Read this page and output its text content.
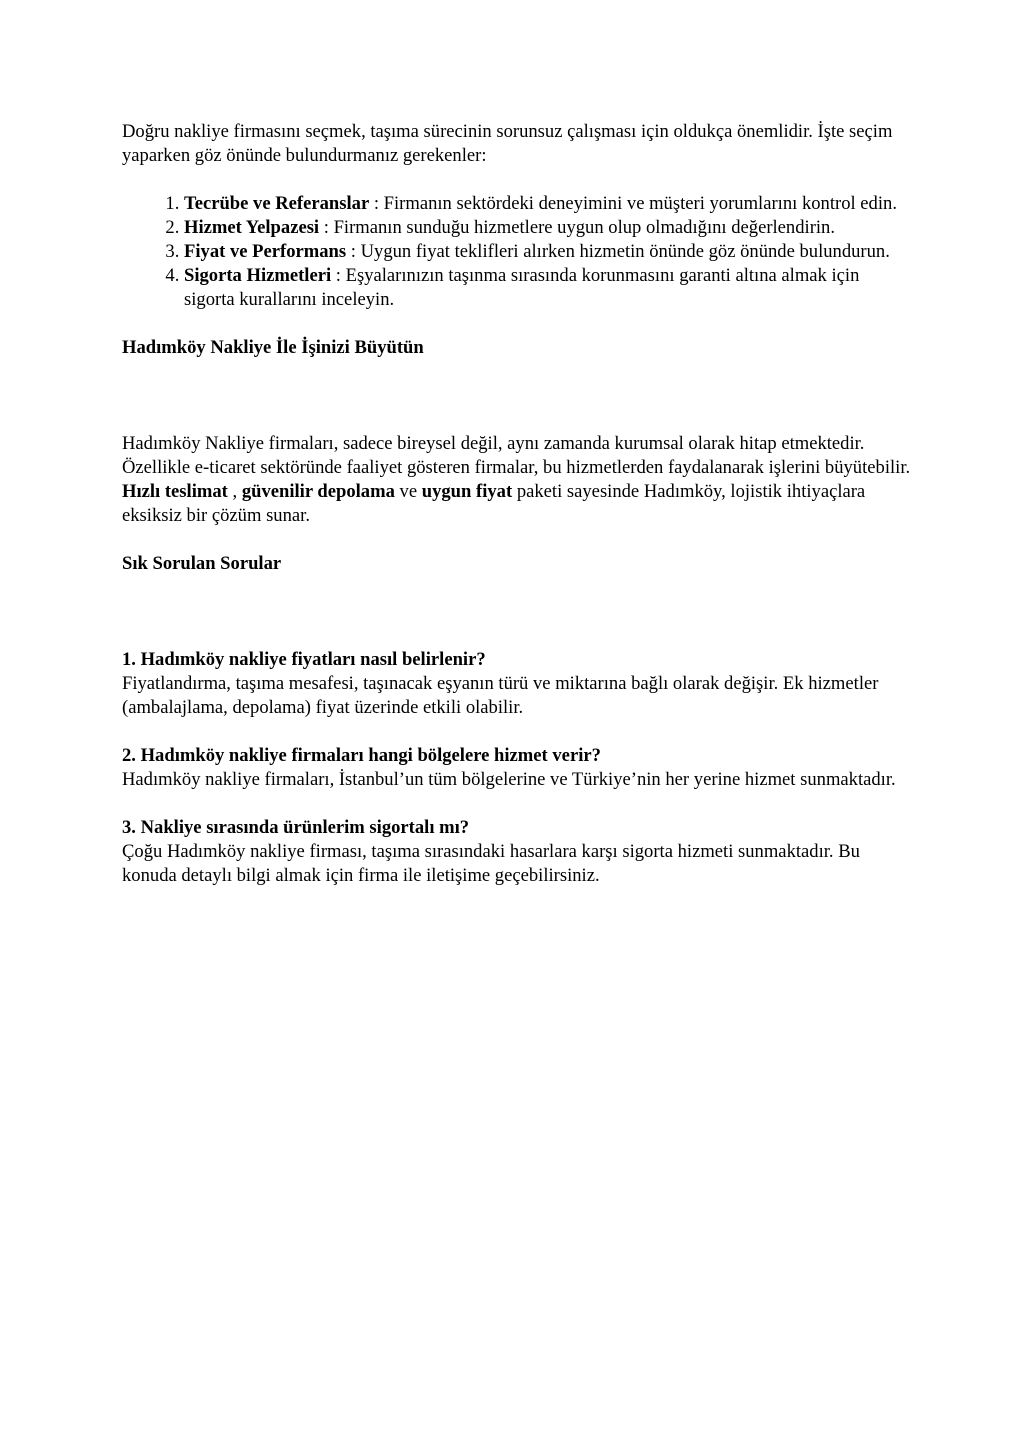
Doğru nakliye firmasını seçmek, taşıma sürecinin sorunsuz çalışması için oldukça önemlidir. İşte seçim yaparken göz önünde bulundurmanız gerekenler:

1. Tecrübe ve Referanslar : Firmanın sektördeki deneyimini ve müşteri yorumlarını kontrol edin.
2. Hizmet Yelpazesi : Firmanın sunduğu hizmetlere uygun olup olmadığını değerlendirin.
3. Fiyat ve Performans : Uygun fiyat teklifleri alırken hizmetin önünde göz önünde bulundurun.
4. Sigorta Hizmetleri : Eşyalarınızın taşınma sırasında korunmasını garanti altına almak için sigorta kurallarını inceleyin.

Hadımköy Nakliye İle İşinizi Büyütün

Hadımköy Nakliye firmaları, sadece bireysel değil, aynı zamanda kurumsal olarak hitap etmektedir. Özellikle e-ticaret sektöründe faaliyet gösteren firmalar, bu hizmetlerden faydalanarak işlerini büyütebilir. Hızlı teslimat , güvenilir depolama ve uygun fiyat paketi sayesinde Hadımköy, lojistik ihtiyaçlara eksiksiz bir çözüm sunar.

Sık Sorulan Sorular

1. Hadımköy nakliye fiyatları nasıl belirlenir?

Fiyatlandırma, taşıma mesafesi, taşınacak eşyanın türü ve miktarına bağlı olarak değişir. Ek hizmetler (ambalajlama, depolama) fiyat üzerinde etkili olabilir.

2. Hadımköy nakliye firmaları hangi bölgelere hizmet verir?

Hadımköy nakliye firmaları, İstanbul’un tüm bölgelerine ve Türkiye’nin her yerine hizmet sunmaktadır.

3. Nakliye sırasında ürünlerim sigortalı mı?

Çoğu Hadımköy nakliye firması, taşıma sırasındaki hasarlara karşı sigorta hizmeti sunmaktadır. Bu konuda detaylı bilgi almak için firma ile iletişime geçebilirsiniz.
